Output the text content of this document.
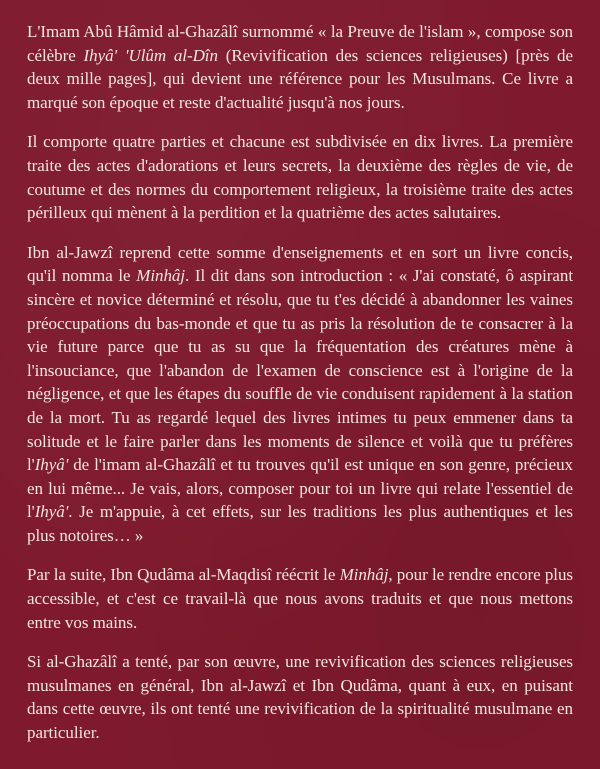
L'Imam Abû Hâmid al-Ghazâlî surnommé « la Preuve de l'islam », compose son célèbre Ihyâ' 'Ulûm al-Dîn (Revivification des sciences religieuses) [près de deux mille pages], qui devient une référence pour les Musulmans. Ce livre a marqué son époque et reste d'actualité jusqu'à nos jours.

Il comporte quatre parties et chacune est subdivisée en dix livres. La première traite des actes d'adorations et leurs secrets, la deuxième des règles de vie, de coutume et des normes du comportement religieux, la troisième traite des actes périlleux qui mènent à la perdition et la quatrième des actes salutaires.

Ibn al-Jawzî reprend cette somme d'enseignements et en sort un livre concis, qu'il nomma le Minhâj. Il dit dans son introduction : « J'ai constaté, ô aspirant sincère et novice déterminé et résolu, que tu t'es décidé à abandonner les vaines préoccupations du bas-monde et que tu as pris la résolution de te consacrer à la vie future parce que tu as su que la fréquentation des créatures mène à l'insouciance, que l'abandon de l'examen de conscience est à l'origine de la négligence, et que les étapes du souffle de vie conduisent rapidement à la station de la mort. Tu as regardé lequel des livres intimes tu peux emmener dans ta solitude et le faire parler dans les moments de silence et voilà que tu préfères l'Ihyâ' de l'imam al-Ghazâlî et tu trouves qu'il est unique en son genre, précieux en lui même... Je vais, alors, composer pour toi un livre qui relate l'essentiel de l'Ihyâ'. Je m'appuie, à cet effets, sur les traditions les plus authentiques et les plus notoires… »

Par la suite, Ibn Qudâma al-Maqdisî réécrit le Minhâj, pour le rendre encore plus accessible, et c'est ce travail-là que nous avons traduits et que nous mettons entre vos mains.

Si al-Ghazâlî a tenté, par son œuvre, une revivification des sciences religieuses musulmanes en général, Ibn al-Jawzî et Ibn Qudâma, quant à eux, en puisant dans cette œuvre, ils ont tenté une revivification de la spiritualité musulmane en particulier.
